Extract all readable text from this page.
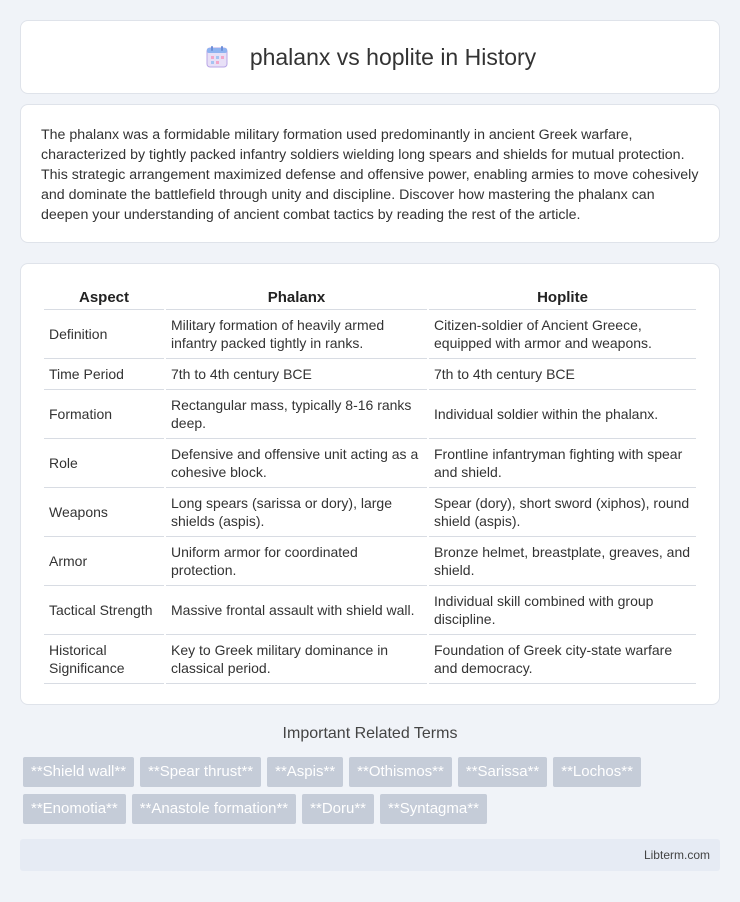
phalanx vs hoplite in History

The phalanx was a formidable military formation used predominantly in ancient Greek warfare, characterized by tightly packed infantry soldiers wielding long spears and shields for mutual protection. This strategic arrangement maximized defense and offensive power, enabling armies to move cohesively and dominate the battlefield through unity and discipline. Discover how mastering the phalanx can deepen your understanding of ancient combat tactics by reading the rest of the article.

Aspect	Phalanx	Hoplite
Definition	Military formation of heavily armed infantry packed tightly in ranks.	Citizen-soldier of Ancient Greece, equipped with armor and weapons.
Time Period	7th to 4th century BCE	7th to 4th century BCE
Formation	Rectangular mass, typically 8-16 ranks deep.	Individual soldier within the phalanx.
Role	Defensive and offensive unit acting as a cohesive block.	Frontline infantryman fighting with spear and shield.
Weapons	Long spears (sarissa or dory), large shields (aspis).	Spear (dory), short sword (xiphos), round shield (aspis).
Armor	Uniform armor for coordinated protection.	Bronze helmet, breastplate, greaves, and shield.
Tactical Strength	Massive frontal assault with shield wall.	Individual skill combined with group discipline.
Historical Significance	Key to Greek military dominance in classical period.	Foundation of Greek city-state warfare and democracy.
Important Related Terms
**Shield wall**	**Spear thrust**	**Aspis**	**Othismos**	**Sarissa**	**Lochos**
**Enomotia**	**Anastole formation**	**Doru**	**Syntagma**
Libterm.com
